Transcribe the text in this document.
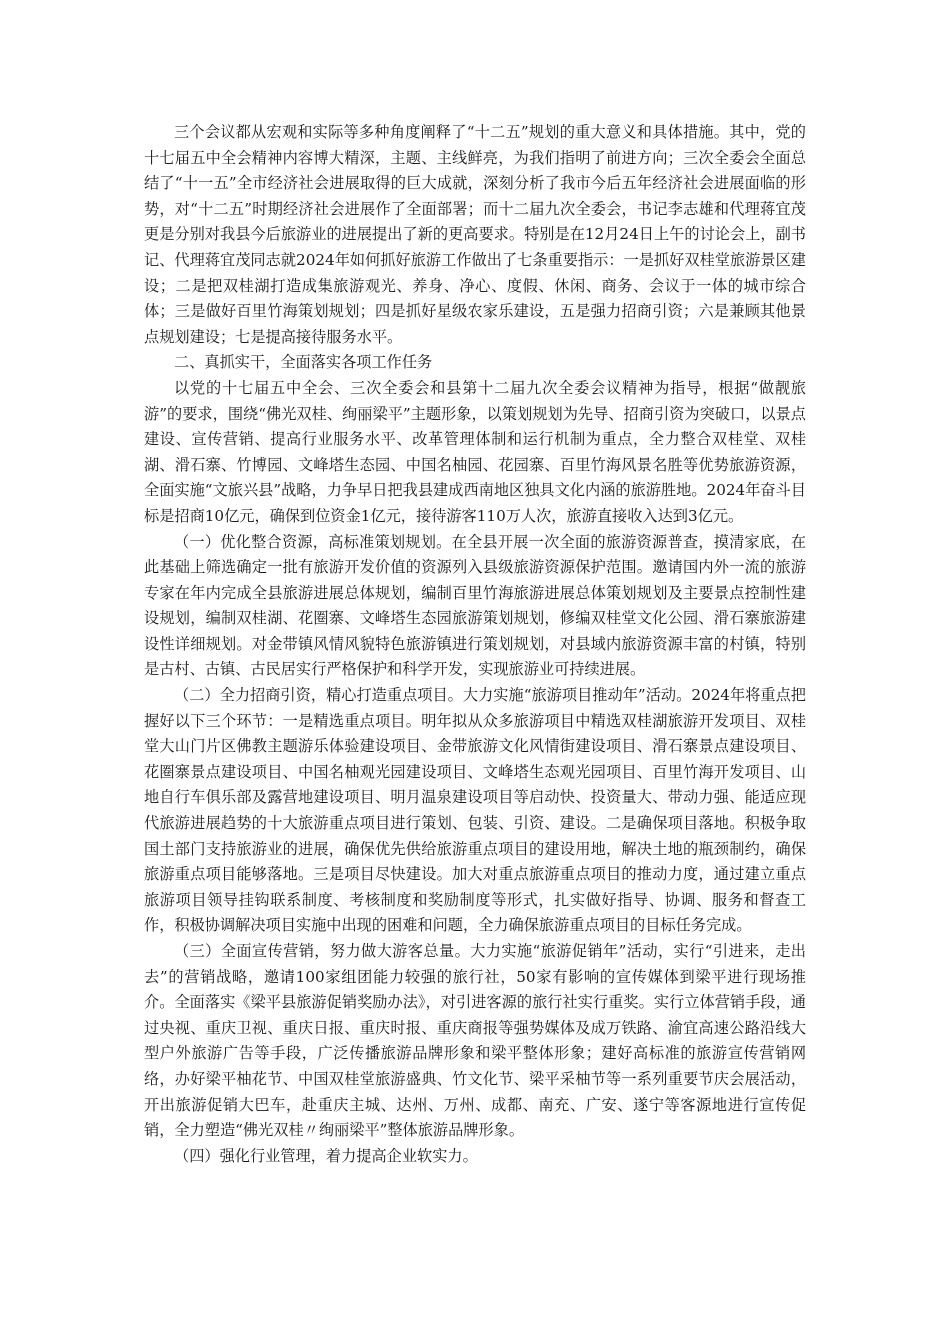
三个会议都从宏观和实际等多种角度阐释了“十二五”规划的重大意义和具体措施。其中，党的十七届五中全会精神内容博大精深，主题、主线鲜亮，为我们指明了前进方向；三次全委会全面总结了“十一五”全市经济社会进展取得的巨大成就，深刻分析了我市今后五年经济社会进展面临的形势，对“十二五”时期经济社会进展作了全面部署；而十二届九次全委会，书记李志雄和代理蒋宜茂更是分别对我县今后旅游业的进展提出了新的更高要求。特别是在12月24日上午的讨论会上，副书记、代理蒋宜茂同志就2024年如何抓好旅游工作做出了七条重要指示：一是抓好双桂堂旅游景区建设；二是把双桂湖打造成集旅游观光、养身、净心、度假、休闲、商务、会议于一体的城市综合体；三是做好百里竹海策划规划；四是抓好星级农家乐建设，五是强力招商引资；六是兼顾其他景点规划建设；七是提高接待服务水平。

二、真抓实干，全面落实各项工作任务

以党的十七届五中全会、三次全委会和县第十二届九次全委会议精神为指导，根据“做靓旅游”的要求，围绕“佛光双桂、绚丽梁平”主题形象，以策划规划为先导、招商引资为突破口，以景点建设、宣传营销、提高行业服务水平、改革管理体制和运行机制为重点，全力整合双桂堂、双桂湖、滑石寨、竹博园、文峰塔生态园、中国名柚园、花园寨、百里竹海风景名胜等优势旅游资源，全面实施“文旅兴县”战略，力争早日把我县建成西南地区独具文化内涵的旅游胜地。2024年奋斗目标是招商10亿元，确保到位资金1亿元，接待游客110万人次，旅游直接收入达到3亿元。

（一）优化整合资源，高标准策划规划。在全县开展一次全面的旅游资源普查，摸清家底，在此基础上筛选确定一批有旅游开发价值的资源列入县级旅游资源保护范围。邀请国内外一流的旅游专家在年内完成全县旅游进展总体规划，编制百里竹海旅游进展总体策划规划及主要景点控制性建设规划，编制双桂湖、花圈寨、文峰塔生态园旅游策划规划，修编双桂堂文化公园、滑石寨旅游建设性详细规划。对金带镇风情风貌特色旅游镇进行策划规划，对县域内旅游资源丰富的村镇，特别是古村、古镇、古民居实行严格保护和科学开发，实现旅游业可持续进展。

（二）全力招商引资，精心打造重点项目。大力实施“旅游项目推动年”活动。2024年将重点把握好以下三个环节：一是精选重点项目。明年拟从众多旅游项目中精选双桂湖旅游开发项目、双桂堂大山门片区佛教主题游乐体验建设项目、金带旅游文化风情街建设项目、滑石寨景点建设项目、花圈寨景点建设项目、中国名柚观光园建设项目、文峰塔生态观光园项目、百里竹海开发项目、山地自行车俱乐部及露营地建设项目、明月温泉建设项目等启动快、投资量大、带动力强、能适应现代旅游进展趋势的十大旅游重点项目进行策划、包装、引资、建设。二是确保项目落地。积极争取国土部门支持旅游业的进展，确保优先供给旅游重点项目的建设用地，解决土地的瓶颈制约，确保旅游重点项目能够落地。三是项目尽快建设。加大对重点旅游重点项目的推动力度，通过建立重点旅游项目领导挂钩联系制度、考核制度和奖励制度等形式，扎实做好指导、协调、服务和督查工作，积极协调解决项目实施中出现的困难和问题，全力确保旅游重点项目的目标任务完成。

（三）全面宣传营销，努力做大游客总量。大力实施“旅游促销年”活动，实行“引进来，走出去”的营销战略，邀请100家组团能力较强的旅行社，50家有影响的宣传媒体到梁平进行现场推介。全面落实《梁平县旅游促销奖励办法》，对引进客源的旅行社实行重奖。实行立体营销手段，通过央视、重庆卫视、重庆日报、重庆时报、重庆商报等强势媒体及成万铁路、渝宜高速公路沿线大型户外旅游广告等手段，广泛传播旅游品牌形象和梁平整体形象；建好高标准的旅游宣传营销网络，办好梁平柚花节、中国双桂堂旅游盛典、竹文化节、梁平采柚节等一系列重要节庆会展活动，开出旅游促销大巴车，赴重庆主城、达州、万州、成都、南充、广安、遂宁等客源地进行宣传促销，全力塑造“佛光双桂〃绚丽梁平”整体旅游品牌形象。

（四）强化行业管理，着力提高企业软实力。
